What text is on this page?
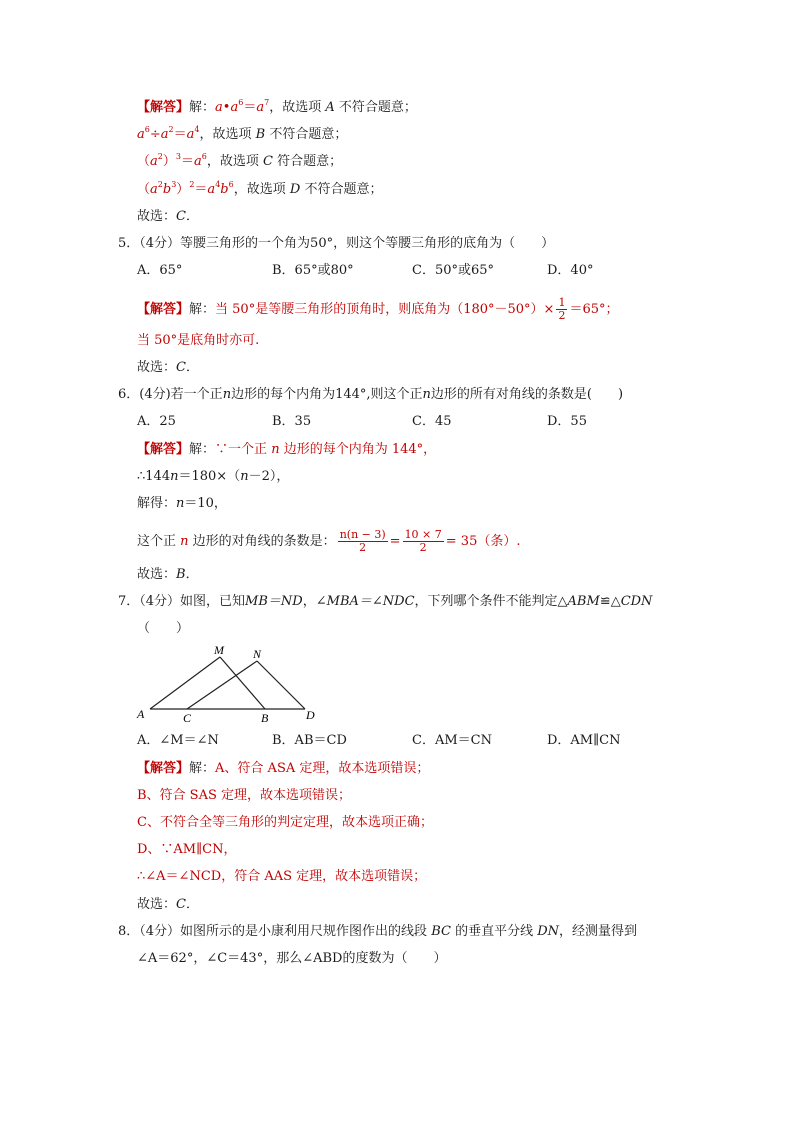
【解答】解：$a•a^6=a^7$，故选项 A 不符合题意；
$a^6\div a^2=a^4$，故选项 B 不符合题意；
$(a^2)^3=a^6$，故选项 C 符合题意；
$(a^2b^3)^2=a^4b^6$，故选项 D 不符合题意；
故选：C．
5．（4分）等腰三角形的一个角为50°，则这个等腰三角形的底角为（　　）
A．65°	B．65°或80°	C．50°或65°	D．40°
【解答】解：当 50°是等腰三角形的顶角时，则底角为$(180^\circ-50^\circ)\times \frac{1}{2} =65^\circ$；
当 50°是底角时亦可.
故选：C．
6．(4分)若一个正n边形的每个内角为144°,则这个正n边形的所有对角线的条数是(　　)
A．25	B．35	C．45	D．55
【解答】解：∵一个正 n 边形的每个内角为 144°，
∴144n＝180×（n－2），
解得：n＝10，
这个正 n 边形的对角线的条数是： $\frac{n(n - 3)}{2} = \frac{10 \times 7}{2} = 35$（条）.
故选：B．
7．（4分）如图，已知MB＝ND，∠MBA＝∠NDC，下列哪个条件不能判定△ABM≌△CDN
（　　）
M N
A	C	B	D
A．∠M＝∠N	B．AB＝CD	C．AM＝CN	D．AM∥CN
【解答】解：A、符合 ASA 定理，故本选项错误；
B、符合 SAS 定理，故本选项错误；
C、不符合全等三角形的判定定理，故本选项正确；
D、∵AM∥CN，
∴∠A＝∠NCD，符合 AAS 定理，故本选项错误；
故选：C．
8．（4分）如图所示的是小康利用尺规作图作出的线段 BC 的垂直平分线 DN，经测量得到
∠A＝62°，∠C＝43°，那么∠ABD的度数为（　　）
